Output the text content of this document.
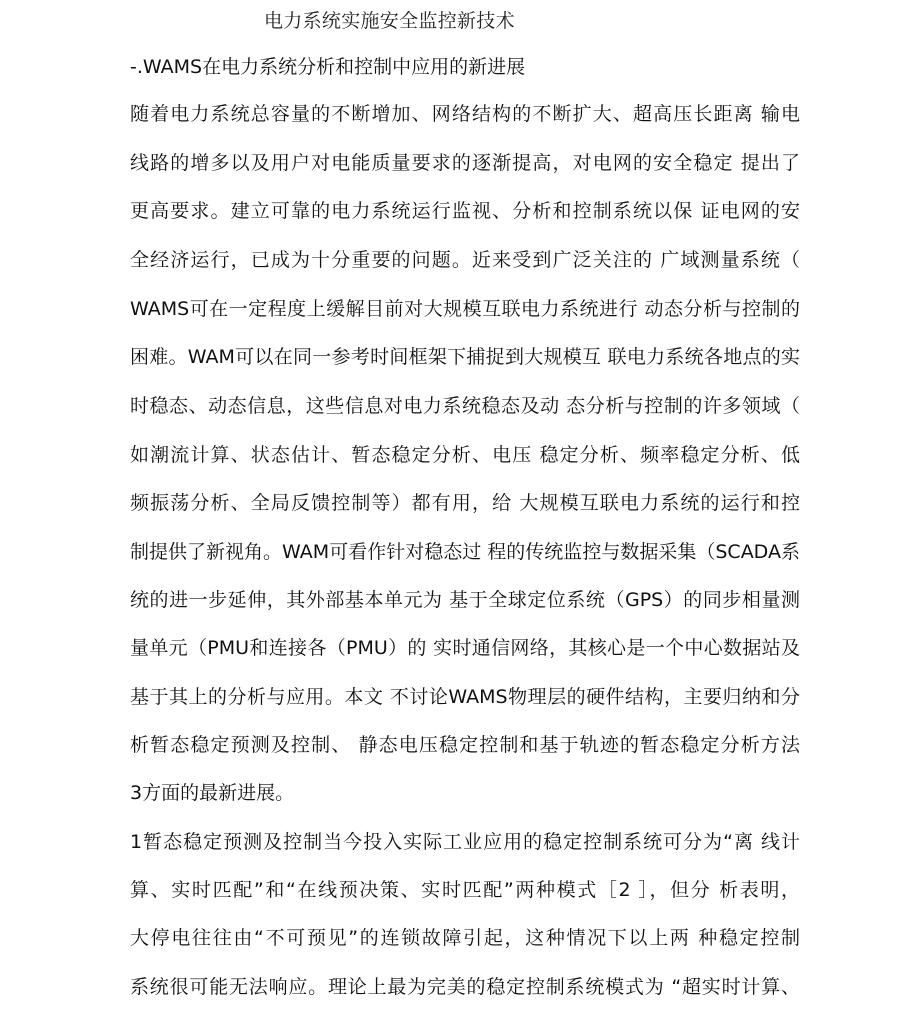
电力系统实施安全监控新技术
-.WAMS在电力系统分析和控制中应用的新进展
随着电力系统总容量的不断增加、网络结构的不断扩大、超高压长距离 输电
线路的增多以及用户对电能质量要求的逐渐提高，对电网的安全稳定 提出了
更高要求。建立可靠的电力系统运行监视、分析和控制系统以保 证电网的安
全经济运行，已成为十分重要的问题。近来受到广泛关注的 广域测量系统（
WAMS可在一定程度上缓解目前对大规模互联电力系统进行 动态分析与控制的
困难。WAM可以在同一参考时间框架下捕捉到大规模互 联电力系统各地点的实
时稳态、动态信息，这些信息对电力系统稳态及动 态分析与控制的许多领域（
如潮流计算、状态估计、暂态稳定分析、电压 稳定分析、频率稳定分析、低
频振荡分析、全局反馈控制等）都有用，给 大规模互联电力系统的运行和控
制提供了新视角。WAM可看作针对稳态过 程的传统监控与数据采集（SCADA系
统的进一步延伸，其外部基本单元为 基于全球定位系统（GPS）的同步相量测
量单元（PMU和连接各（PMU）的 实时通信网络，其核心是一个中心数据站及
基于其上的分析与应用。本文 不讨论WAMS物理层的硬件结构，主要归纳和分
析暂态稳定预测及控制、 静态电压稳定控制和基于轨迹的暂态稳定分析方法
3方面的最新进展。
1暂态稳定预测及控制当今投入实际工业应用的稳定控制系统可分为“离 线计
算、实时匹配”和“在线预决策、实时匹配”两种模式［2 ］，但分 析表明，
大停电往往由“不可预见”的连锁故障引起，这种情况下以上两 种稳定控制
系统很可能无法响应。理论上最为完美的稳定控制系统模式为 “超实时计算、
